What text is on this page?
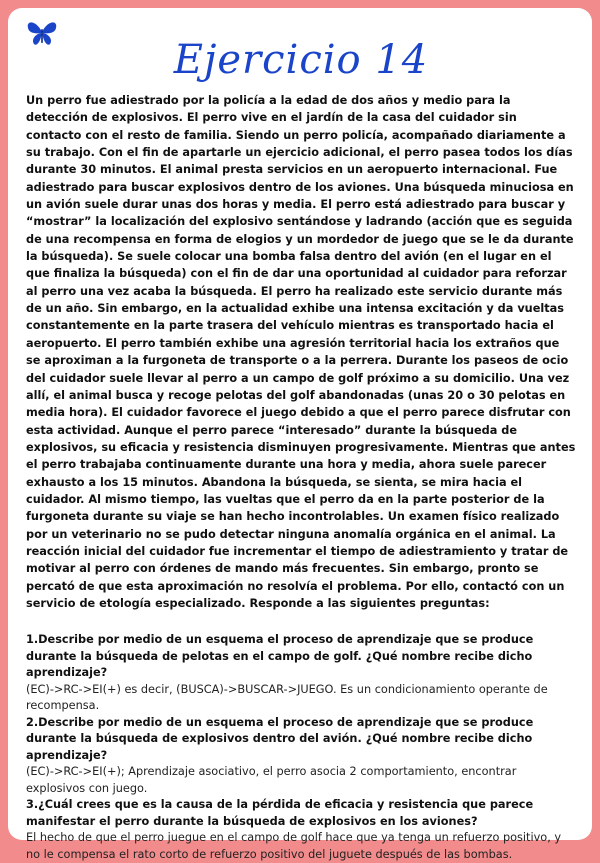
Ejercicio 14

Un perro fue adiestrado por la policía a la edad de dos años y medio para la detección de explosivos. El perro vive en el jardín de la casa del cuidador sin contacto con el resto de familia. Siendo un perro policía, acompañado diariamente a su trabajo. Con el fin de apartarle un ejercicio adicional, el perro pasea todos los días durante 30 minutos. El animal presta servicios en un aeropuerto internacional. Fue adiestrado para buscar explosivos dentro de los aviones. Una búsqueda minuciosa en un avión suele durar unas dos horas y media. El perro está adiestrado para buscar y “mostrar” la localización del explosivo sentándose y ladrando (acción que es seguida de una recompensa en forma de elogios y un mordedor de juego que se le da durante la búsqueda). Se suele colocar una bomba falsa dentro del avión (en el lugar en el que finaliza la búsqueda) con el fin de dar una oportunidad al cuidador para reforzar al perro una vez acaba la búsqueda. El perro ha realizado este servicio durante más de un año. Sin embargo, en la actualidad exhibe una intensa excitación y da vueltas constantemente en la parte trasera del vehículo mientras es transportado hacia el aeropuerto. El perro también exhibe una agresión territorial hacia los extraños que se aproximan a la furgoneta de transporte o a la perrera. Durante los paseos de ocio del cuidador suele llevar al perro a un campo de golf próximo a su domicilio. Una vez allí, el animal busca y recoge pelotas del golf abandonadas (unas 20 o 30 pelotas en media hora). El cuidador favorece el juego debido a que el perro parece disfrutar con esta actividad. Aunque el perro parece “interesado” durante la búsqueda de explosivos, su eficacia y resistencia disminuyen progresivamente. Mientras que antes el perro trabajaba continuamente durante una hora y media, ahora suele parecer exhausto a los 15 minutos. Abandona la búsqueda, se sienta, se mira hacia el cuidador. Al mismo tiempo, las vueltas que el perro da en la parte posterior de la furgoneta durante su viaje se han hecho incontrolables. Un examen físico realizado por un veterinario no se pudo detectar ninguna anomalía orgánica en el animal. La reacción inicial del cuidador fue incrementar el tiempo de adiestramiento y tratar de motivar al perro con órdenes de mando más frecuentes. Sin embargo, pronto se percató de que esta aproximación no resolvía el problema. Por ello, contactó con un servicio de etología especializado. Responde a las siguientes preguntas:

1.Describe por medio de un esquema el proceso de aprendizaje que se produce durante la búsqueda de pelotas en el campo de golf. ¿Qué nombre recibe dicho aprendizaje?

(EC)->RC->EI(+) es decir, (BUSCA)->BUSCAR->JUEGO. Es un condicionamiento operante de recompensa.

2.Describe por medio de un esquema el proceso de aprendizaje que se produce durante la búsqueda de explosivos dentro del avión. ¿Qué nombre recibe dicho aprendizaje?

(EC)->RC->EI(+); Aprendizaje asociativo, el perro asocia 2 comportamiento, encontrar explosivos con juego.

3.¿Cuál crees que es la causa de la pérdida de eficacia y resistencia que parece manifestar el perro durante la búsqueda de explosivos en los aviones?

El hecho de que el perro juegue en el campo de golf hace que ya tenga un refuerzo positivo, y no le compensa el rato corto de refuerzo positivo del juguete después de las bombas.
